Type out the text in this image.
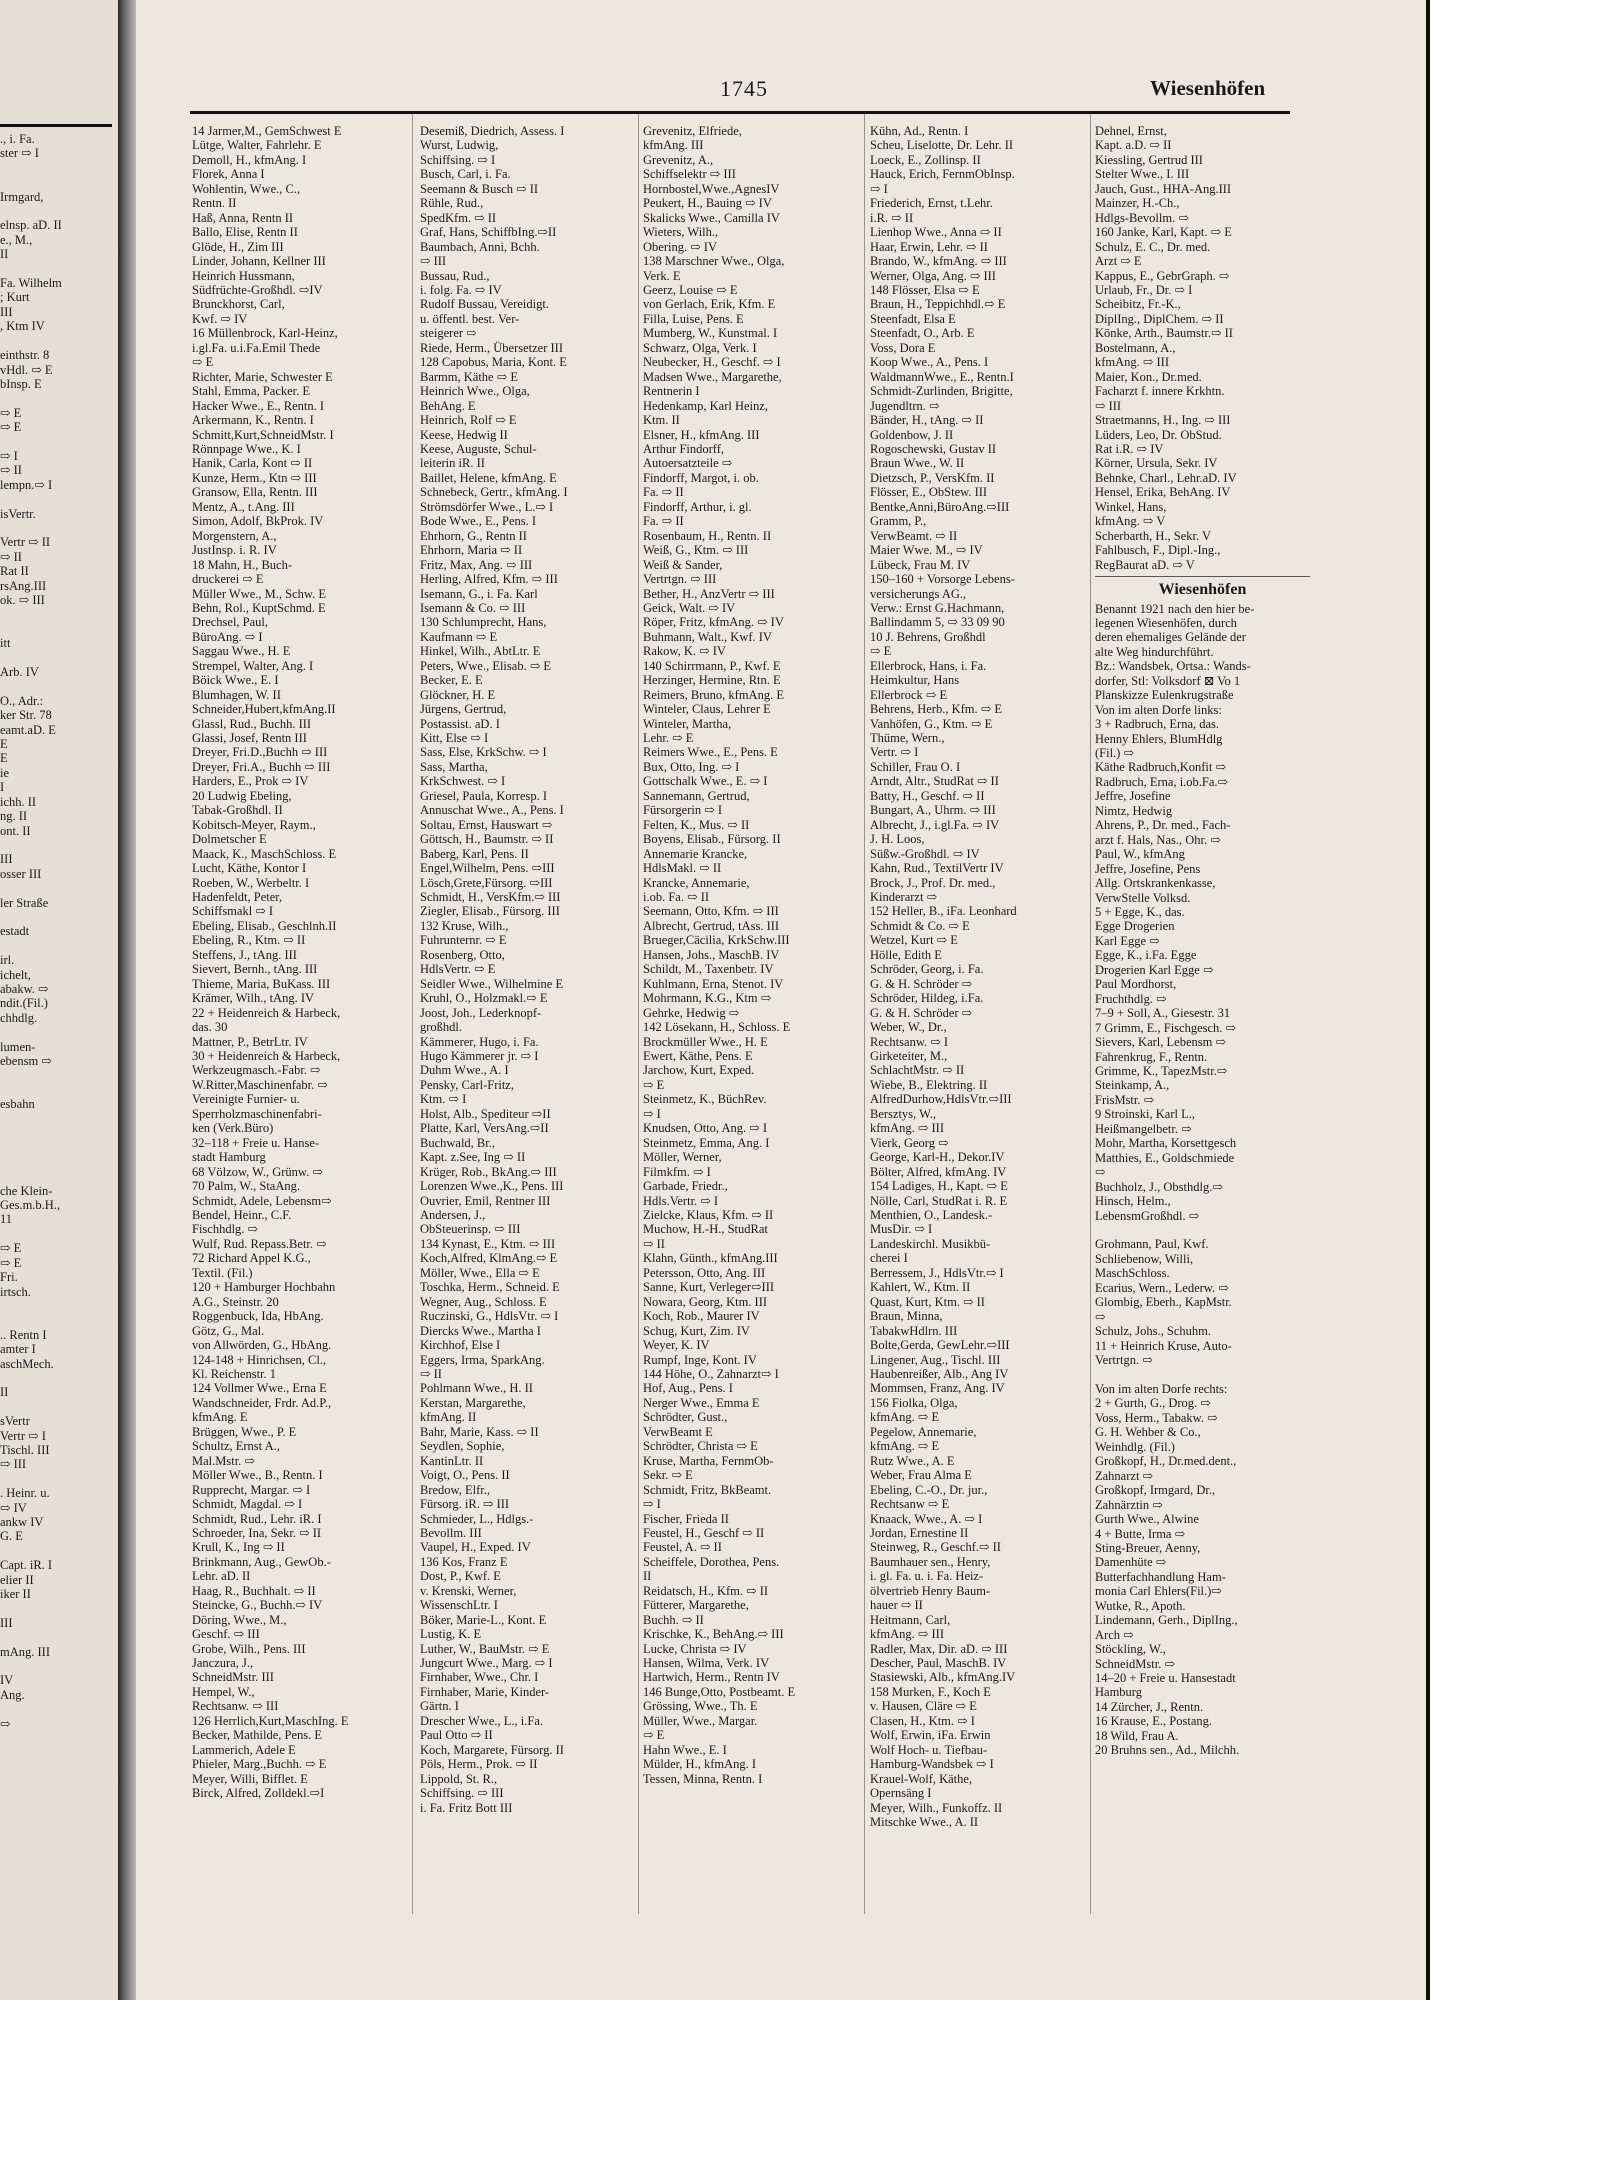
., i. Fa.
ster ⇨ I

Irmgard,

elnsp. aD. II
e., M.,
II

Fa. Wilhelm
; Kurt
III
, Ktm IV

einthstr. 8
vHdl. ⇨ E
bInsp. E

⇨ E
⇨ E

⇨ I
⇨ II
lempn.⇨ I

isVertr.

Vertr ⇨ II
⇨ II
Rat II
rsAng.III
ok. ⇨ III

itt

Arb. IV

O., Adr.:
ker Str. 78
eamt.aD. E
E
E
ie
I
ichh. II
ng. II
ont. II

III
osser III

ler Straße

estadt

irl.
ichelt,
abakw. ⇨
ndit.(Fil.)
chhdlg.

lumen-
ebensm ⇨

esbahn

che Klein-
Ges.m.b.H.,
11

⇨ E
⇨ E
Fri.
irtsch.

.. Rentn I
amter I
aschMech.

II

sVertr
Vertr ⇨ I
Tischl. III
⇨ III

. Heinr. u.
⇨ IV
ankw IV
G. E

Capt. iR. I
elier II
iker II

III

mAng. III

IV
Ang.

⇨
1745	Wiesenhöfen
14 Jarmer,M., GemSchwest E
Lütge, Walter, Fahrlehr. E
Demoll, H., kfmAng. I
Florek, Anna I
Wohlentin, Wwe., C.,
Rentn. II
Haß, Anna, Rentn II
Ballo, Elise, Rentn II
Glöde, H., Zim III
Linder, Johann, Kellner III
Heinrich Hussmann,
Südfrüchte-Großhdl. ⇨IV
Brunckhorst, Carl,
Kwf. ⇨ IV
16 Müllenbrock, Karl-Heinz,
i.gl.Fa. u.i.Fa.Emil Thede
⇨ E
Richter, Marie, Schwester E
Stahl, Emma, Packer. E
Hacker Wwe., E., Rentn. I
Arkermann, K., Rentn. I
Schmitt,Kurt,SchneidMstr. I
Rönnpage Wwe., K. I
Hanik, Carla, Kont ⇨ II
Kunze, Herm., Ktn ⇨ III
Gransow, Ella, Rentn. III
Mentz, A., t.Ang. III
Simon, Adolf, BkProk. IV
Morgenstern, A.,
JustInsp. i. R. IV
18 Mahn, H., Buch-
druckerei ⇨ E
Müller Wwe., M., Schw. E
Behn, Rol., KuptSchmd. E
Drechsel, Paul,
BüroAng. ⇨ I
Saggau Wwe., H. E
Strempel, Walter, Ang. I
Böick Wwe., E. I
Blumhagen, W. II
Schneider,Hubert,kfmAng.II
Glassl, Rud., Buchh. III
Glassi, Josef, Rentn III
Dreyer, Fri.D.,Buchh ⇨ III
Dreyer, Fri.A., Buchh ⇨ III
Harders, E., Prok ⇨ IV
20 Ludwig Ebeling,
Tabak-Großhdl. II
Kobitsch-Meyer, Raym.,
Dolmetscher E
Maack, K., MaschSchloss. E
Lucht, Käthe, Kontor I
Roeben, W., Werbeltr. I
Hadenfeldt, Peter,
Schiffsmakl ⇨ I
Ebeling, Elisab., Geschlnh.II
Ebeling, R., Ktm. ⇨ II
Steffens, J., tAng. III
Sievert, Bernh., tAng. III
Thieme, Maria, BuKass. III
Krämer, Wilh., tAng. IV
22 + Heidenreich & Harbeck,
das. 30
Mattner, P., BetrLtr. IV
30 + Heidenreich & Harbeck,
Werkzeugmasch.-Fabr. ⇨
W.Ritter,Maschinenfabr. ⇨
Vereinigte Furnier- u.
Sperrholzmaschinenfabri-
ken (Verk.Büro)
32–118 + Freie u. Hanse-
stadt Hamburg
68 Völzow, W., Grünw. ⇨
70 Palm, W., StaAng.
Schmidt, Adele, Lebensm⇨
Bendel, Heinr., C.F.
Fischhdlg. ⇨
Wulf, Rud. Repass.Betr. ⇨
72 Richard Appel K.G.,
Textil. (Fil.)
120 + Hamburger Hochbahn
A.G., Steinstr. 20
Roggenbuck, Ida, HbAng.
Götz, G., Mal.
von Allwörden, G., HbAng.
124-148 + Hinrichsen, Cl.,
Kl. Reichenstr. 1
124 Vollmer Wwe., Erna E
Wandschneider, Frdr. Ad.P.,
kfmAng. E
Brüggen, Wwe., P. E
Schultz, Ernst A.,
Mal.Mstr. ⇨
Möller Wwe., B., Rentn. I
Rupprecht, Margar. ⇨ I
Schmidt, Magdal. ⇨ I
Schmidt, Rud., Lehr. iR. I
Schroeder, Ina, Sekr. ⇨ II
Krull, K., Ing ⇨ II
Brinkmann, Aug., GewOb.-
Lehr. aD. II
Haag, R., Buchhalt. ⇨ II
Steincke, G., Buchh.⇨ IV
Döring, Wwe., M.,
Geschf. ⇨ III
Grobe, Wilh., Pens. III
Janczura, J.,
SchneidMstr. III
Hempel, W.,
Rechtsanw. ⇨ III
126 Herrlich,Kurt,MaschIng. E
Becker, Mathilde, Pens. E
Lammerich, Adele E
Phieler, Marg.,Buchh. ⇨ E
Meyer, Willi, Bifflet. E
Birck, Alfred, Zolldekl.⇨I
Desemiß, Diedrich, Assess. I
Wurst, Ludwig,
Schiffsing. ⇨ I
Busch, Carl, i. Fa.
Seemann & Busch ⇨ II
Rühle, Rud.,
SpedKfm. ⇨ II
Graf, Hans, SchiffbIng.⇨II
Baumbach, Anni, Bchh.
⇨ III
Bussau, Rud.,
i. folg. Fa. ⇨ IV
Rudolf Bussau, Vereidigt.
u. öffentl. best. Ver-
steigerer ⇨
Riede, Herm., Übersetzer III
128 Capobus, Maria, Kont. E
Barmm, Käthe ⇨ E
Heinrich Wwe., Olga,
BehAng. E
Heinrich, Rolf ⇨ E
Keese, Hedwig II
Keese, Auguste, Schul-
leiterin iR. II
Baillet, Helene, kfmAng. E
Schnebeck, Gertr., kfmAng. I
Strömsdörfer Wwe., L.⇨ I
Bode Wwe., E., Pens. I
Ehrhorn, G., Rentn II
Ehrhorn, Maria ⇨ II
Fritz, Max, Ang. ⇨ III
Herling, Alfred, Kfm. ⇨ III
Isemann, G., i. Fa. Karl
Isemann & Co. ⇨ III
130 Schlumprecht, Hans,
Kaufmann ⇨ E
Hinkel, Wilh., AbtLtr. E
Peters, Wwe., Elisab. ⇨ E
Becker, E. E
Glöckner, H. E
Jürgens, Gertrud,
Postassist. aD. I
Kitt, Else ⇨ I
Sass, Else, KrkSchw. ⇨ I
Sass, Martha,
KrkSchwest. ⇨ I
Griesel, Paula, Korresp. I
Annuschat Wwe., A., Pens. I
Soltau, Ernst, Hauswart ⇨
Göttsch, H., Baumstr. ⇨ II
Baberg, Karl, Pens. II
Engel,Wilhelm, Pens. ⇨III
Lösch,Grete,Fürsorg. ⇨III
Schmidt, H., VersKfm.⇨ III
Ziegler, Elisab., Fürsorg. III
132 Kruse, Wilh.,
Fuhrunternr. ⇨ E
Rosenberg, Otto,
HdlsVertr. ⇨ E
Seidler Wwe., Wilhelmine E
Kruhl, O., Holzmakl.⇨ E
Joost, Joh., Lederknopf-
großhdl.
Kämmerer, Hugo, i. Fa.
Hugo Kämmerer jr. ⇨ I
Duhm Wwe., A. I
Pensky, Carl-Fritz,
Ktm. ⇨ I
Holst, Alb., Spediteur ⇨II
Platte, Karl, VersAng.⇨II
Buchwald, Br.,
Kapt. z.See, Ing ⇨ II
Krüger, Rob., BkAng.⇨ III
Lorenzen Wwe.,K., Pens. III
Ouvrier, Emil, Rentner III
Andersen, J.,
ObSteuerinsp. ⇨ III
134 Kynast, E., Ktm. ⇨ III
Koch,Alfred, KlmAng.⇨ E
Möller, Wwe., Ella ⇨ E
Toschka, Herm., Schneid. E
Wegner, Aug., Schloss. E
Ruczinski, G., HdlsVtr. ⇨ I
Diercks Wwe., Martha I
Kirchhof, Else I
Eggers, Irma, SparkAng.
⇨ II
Pohlmann Wwe., H. II
Kerstan, Margarethe,
kfmAng. II
Bahr, Marie, Kass. ⇨ II
Seydlen, Sophie,
KantinLtr. II
Voigt, O., Pens. II
Bredow, Elfr.,
Fürsorg. iR. ⇨ III
Schmieder, L., Hdlgs.-
Bevollm. III
Vaupel, H., Exped. IV
136 Kos, Franz E
Dost, P., Kwf. E
v. Krenski, Werner,
WissenschLtr. I
Böker, Marie-L., Kont. E
Lustig, K. E
Luther, W., BauMstr. ⇨ E
Jungcurt Wwe., Marg. ⇨ I
Firnhaber, Wwe., Chr. I
Firnhaber, Marie, Kinder-
Gärtn. I
Drescher Wwe., L., i.Fa.
Paul Otto ⇨ II
Koch, Margarete, Fürsorg. II
Pöls, Herm., Prok. ⇨ II
Lippold, St. R.,
Schiffsing. ⇨ III
i. Fa. Fritz Bott III
Grevenitz, Elfriede,
kfmAng. III
Grevenitz, A.,
Schiffselektr ⇨ III
Hornbostel,Wwe.,AgnesIV
Peukert, H., Bauing ⇨ IV
Skalicks Wwe., Camilla IV
Wieters, Wilh.,
Obering. ⇨ IV
138 Marschner Wwe., Olga,
Verk. E
Geerz, Louise ⇨ E
von Gerlach, Erik, Kfm. E
Filla, Luise, Pens. E
Mumberg, W., Kunstmal. I
Schwarz, Olga, Verk. I
Neubecker, H., Geschf. ⇨ I
Madsen Wwe., Margarethe,
Rentnerin I
Hedenkamp, Karl Heinz,
Ktm. II
Elsner, H., kfmAng. III
Arthur Findorff,
Autoersatzteile ⇨
Findorff, Margot, i. ob.
Fa. ⇨ II
Findorff, Arthur, i. gl.
Fa. ⇨ II
Rosenbaum, H., Rentn. II
Weiß, G., Ktm. ⇨ III
Weiß & Sander,
Vertrtgn. ⇨ III
Bether, H., AnzVertr ⇨ III
Geick, Walt. ⇨ IV
Röper, Fritz, kfmAng. ⇨ IV
Buhmann, Walt., Kwf. IV
Rakow, K. ⇨ IV
140 Schirrmann, P., Kwf. E
Herzinger, Hermine, Rtn. E
Reimers, Bruno, kfmAng. E
Winteler, Claus, Lehrer E
Winteler, Martha,
Lehr. ⇨ E
Reimers Wwe., E., Pens. E
Bux, Otto, Ing. ⇨ I
Gottschalk Wwe., E. ⇨ I
Sannemann, Gertrud,
Fürsorgerin ⇨ I
Felten, K., Mus. ⇨ II
Boyens, Elisab., Fürsorg. II
Annemarie Krancke,
HdlsMakl. ⇨ II
Krancke, Annemarie,
i.ob. Fa. ⇨ II
Seemann, Otto, Kfm. ⇨ III
Albrecht, Gertrud, tAss. III
Brueger,Cäcilia, KrkSchw.III
Hansen, Johs., MaschB. IV
Schildt, M., Taxenbetr. IV
Kuhlmann, Erna, Stenot. IV
Mohrmann, K.G., Ktm ⇨
Gehrke, Hedwig ⇨
142 Lösekann, H., Schloss. E
Brockmüller Wwe., H. E
Ewert, Käthe, Pens. E
Jarchow, Kurt, Exped.
⇨ E
Steinmetz, K., BüchRev.
⇨ I
Knudsen, Otto, Ang. ⇨ I
Steinmetz, Emma, Ang. I
Möller, Werner,
Filmkfm. ⇨ I
Garbade, Friedr.,
Hdls.Vertr. ⇨ I
Zielcke, Klaus, Kfm. ⇨ II
Muchow, H.-H., StudRat
⇨ II
Klahn, Günth., kfmAng.III
Petersson, Otto, Ang. III
Sanne, Kurt, Verleger⇨III
Nowara, Georg, Ktm. III
Koch, Rob., Maurer IV
Schug, Kurt, Zim. IV
Weyer, K. IV
Rumpf, Inge, Kont. IV
144 Höhe, O., Zahnarzt⇨ I
Hof, Aug., Pens. I
Nerger Wwe., Emma E
Schrödter, Gust.,
VerwBeamt E
Schrödter, Christa ⇨ E
Kruse, Martha, FernmOb-
Sekr. ⇨ E
Schmidt, Fritz, BkBeamt.
⇨ I
Fischer, Frieda II
Feustel, H., Geschf ⇨ II
Feustel, A. ⇨ II
Scheiffele, Dorothea, Pens.
II
Reidatsch, H., Kfm. ⇨ II
Fütterer, Margarethe,
Buchh. ⇨ II
Krischke, K., BehAng.⇨ III
Lucke, Christa ⇨ IV
Hansen, Wilma, Verk. IV
Hartwich, Herm., Rentn IV
146 Bunge,Otto, Postbeamt. E
Grössing, Wwe., Th. E
Müller, Wwe., Margar.
⇨ E
Hahn Wwe., E. I
Mülder, H., kfmAng. I
Tessen, Minna, Rentn. I
Kühn, Ad., Rentn. I
Scheu, Liselotte, Dr. Lehr. II
Loeck, E., Zollinsp. II
Hauck, Erich, FernmObInsp.
⇨ I
Friederich, Ernst, t.Lehr.
i.R. ⇨ II
Lienhop Wwe., Anna ⇨ II
Haar, Erwin, Lehr. ⇨ II
Brando, W., kfmAng. ⇨ III
Werner, Olga, Ang. ⇨ III
148 Flösser, Elsa ⇨ E
Braun, H., Teppichhdl.⇨ E
Steenfadt, Elsa E
Steenfadt, O., Arb. E
Voss, Dora E
Koop Wwe., A., Pens. I
WaldmannWwe., E., Rentn.I
Schmidt-Zurlinden, Brigitte,
Jugendltrn. ⇨
Bänder, H., tAng. ⇨ II
Goldenbow, J. II
Rogoschewski, Gustav II
Braun Wwe., W. II
Dietzsch, P., VersKfm. II
Flösser, E., ObStew. III
Bentke,Anni,BüroAng.⇨III
Gramm, P.,
VerwBeamt. ⇨ II
Maier Wwe. M., ⇨ IV
Lübeck, Frau M. IV
150–160 + Vorsorge Lebens-
versicherungs AG.,
Verw.: Ernst G.Hachmann,
Ballindamm 5, ⇨ 33 09 90
10 J. Behrens, Großhdl
⇨ E
Ellerbrock, Hans, i. Fa.
Heimkultur, Hans
Ellerbrock ⇨ E
Behrens, Herb., Kfm. ⇨ E
Vanhöfen, G., Ktm. ⇨ E
Thüme, Wern.,
Vertr. ⇨ I
Schiller, Frau O. I
Arndt, Altr., StudRat ⇨ II
Batty, H., Geschf. ⇨ II
Bungart, A., Uhrm. ⇨ III
Albrecht, J., i.gl.Fa. ⇨ IV
J. H. Loos,
Süßw.-Großhdl. ⇨ IV
Kahn, Rud., TextilVertr IV
Brock, J., Prof. Dr. med.,
Kinderarzt ⇨
152 Heller, B., iFa. Leonhard
Schmidt & Co. ⇨ E
Wetzel, Kurt ⇨ E
Hölle, Edith E
Schröder, Georg, i. Fa.
G. & H. Schröder ⇨
Schröder, Hildeg, i.Fa.
G. & H. Schröder ⇨
Weber, W., Dr.,
Rechtsanw. ⇨ I
Girketeiter, M.,
SchlachtMstr. ⇨ II
Wiebe, B., Elektring. II
AlfredDurhow,HdlsVtr.⇨III
Bersztys, W.,
kfmAng. ⇨ III
Vierk, Georg ⇨
George, Karl-H., Dekor.IV
Bölter, Alfred, kfmAng. IV
154 Ladiges, H., Kapt. ⇨ E
Nölle, Carl, StudRat i. R. E
Menthien, O., Landesk.-
MusDir. ⇨ I
Landeskirchl. Musikbü-
cherei I
Berressem, J., HdlsVtr.⇨ I
Kahlert, W., Ktm. II
Quast, Kurt, Ktm. ⇨ II
Braun, Minna,
TabakwHdlrn. III
Bolte,Gerda, GewLehr.⇨III
Lingener, Aug., Tischl. III
Haubenreißer, Alb., Ang IV
Mommsen, Franz, Ang. IV
156 Fiolka, Olga,
kfmAng. ⇨ E
Pegelow, Annemarie,
kfmAng. ⇨ E
Rutz Wwe., A. E
Weber, Frau Alma E
Ebeling, C.-O., Dr. jur.,
Rechtsanw ⇨ E
Knaack, Wwe., A. ⇨ I
Jordan, Ernestine II
Steinweg, R., Geschf.⇨ II
Baumhauer sen., Henry,
i. gl. Fa. u. i. Fa. Heiz-
ölvertrieb Henry Baum-
hauer ⇨ II
Heitmann, Carl,
kfmAng. ⇨ III
Radler, Max, Dir. aD. ⇨ III
Descher, Paul, MaschB. IV
Stasiewski, Alb., kfmAng.IV
158 Murken, F., Koch E
v. Hausen, Cläre ⇨ E
Clasen, H., Ktm. ⇨ I
Wolf, Erwin, iFa. Erwin
Wolf Hoch- u. Tiefbau-
Hamburg-Wandsbek ⇨ I
Krauel-Wolf, Käthe,
Opernsäng I
Meyer, Wilh., Funkoffz. II
Mitschke Wwe., A. II
Dehnel, Ernst,
Kapt. a.D. ⇨ II
Kiessling, Gertrud III
Stelter Wwe., I. III
Jauch, Gust., HHA-Ang.III
Mainzer, H.-Ch.,
Hdlgs-Bevollm. ⇨
160 Janke, Karl, Kapt. ⇨ E
Schulz, E. C., Dr. med.
Arzt ⇨ E
Kappus, E., GebrGraph. ⇨
Urlaub, Fr., Dr. ⇨ I
Scheibitz, Fr.-K.,
DiplIng., DiplChem. ⇨ II
Könke, Arth., Baumstr.⇨ II
Bostelmann, A.,
kfmAng. ⇨ III
Maier, Kon., Dr.med.
Facharzt f. innere Krkhtn.
⇨ III
Straetmanns, H., Ing. ⇨ III
Lüders, Leo, Dr. ObStud.
Rat i.R. ⇨ IV
Körner, Ursula, Sekr. IV
Behnke, Charl., Lehr.aD. IV
Hensel, Erika, BehAng. IV
Winkel, Hans,
kfmAng. ⇨ V
Scherbarth, H., Sekr. V
Fahlbusch, F., Dipl.-Ing.,
RegBaurat aD. ⇨ V
Wiesenhöfen
Benannt 1921 nach den hier be-
legenen Wiesenhöfen, durch
deren ehemaliges Gelände der
alte Weg hindurchführt.
Bz.: Wandsbek, Ortsa.: Wands-
dorfer, Stl: Volksdorf ⊠ Vo 1
Planskizze Eulenkrugstraße
Von im alten Dorfe links:
3 + Radbruch, Erna, das.
Henny Ehlers, BlumHdlg
(Fil.) ⇨
Käthe Radbruch,Konfit ⇨
Radbruch, Erna, i.ob.Fa.⇨
Jeffre, Josefine
Nimtz, Hedwig
Ahrens, P., Dr. med., Fach-
arzt f. Hals, Nas., Ohr. ⇨
Paul, W., kfmAng
Jeffre, Josefine, Pens
Allg. Ortskrankenkasse,
VerwStelle Volksd.
5 + Egge, K., das.
Egge Drogerien
Karl Egge ⇨
Egge, K., i.Fa. Egge
Drogerien Karl Egge ⇨
Paul Mordhorst,
Fruchthdlg. ⇨
7–9 + Soll, A., Giesestr. 31
7 Grimm, E., Fischgesch. ⇨
Sievers, Karl, Lebensm ⇨
Fahrenkrug, F., Rentn.
Grimme, K., TapezMstr.⇨
Steinkamp, A.,
FrisMstr. ⇨
9 Stroinski, Karl L.,
Heißmangelbetr. ⇨
Mohr, Martha, Korsettgesch
Matthies, E., Goldschmiede
⇨
Buchholz, J., Obsthdlg.⇨
Hinsch, Helm.,
LebensmGroßhdl. ⇨

Grohmann, Paul, Kwf.
Schliebenow, Willi,
MaschSchloss.
Ecarius, Wern., Lederw. ⇨
Glombig, Eberh., KapMstr.
⇨
Schulz, Johs., Schuhm.
11 + Heinrich Kruse, Auto-
Vertrtgn. ⇨

Von im alten Dorfe rechts:
2 + Gurth, G., Drog. ⇨
Voss, Herm., Tabakw. ⇨
G. H. Wehber & Co.,
Weinhdlg. (Fil.)
Großkopf, H., Dr.med.dent.,
Zahnarzt ⇨
Großkopf, Irmgard, Dr.,
Zahnärztin ⇨
Gurth Wwe., Alwine
4 + Butte, Irma ⇨
Sting-Breuer, Aenny,
Damenhüte ⇨
Butterfachhandlung Ham-
monia Carl Ehlers(Fil.)⇨
Wutke, R., Apoth.
Lindemann, Gerh., DiplIng.,
Arch ⇨
Stöckling, W.,
SchneidMstr. ⇨
14–20 + Freie u. Hansestadt
Hamburg
14 Zürcher, J., Rentn.
16 Krause, E., Postang.
18 Wild, Frau A.
20 Bruhns sen., Ad., Milchh.
